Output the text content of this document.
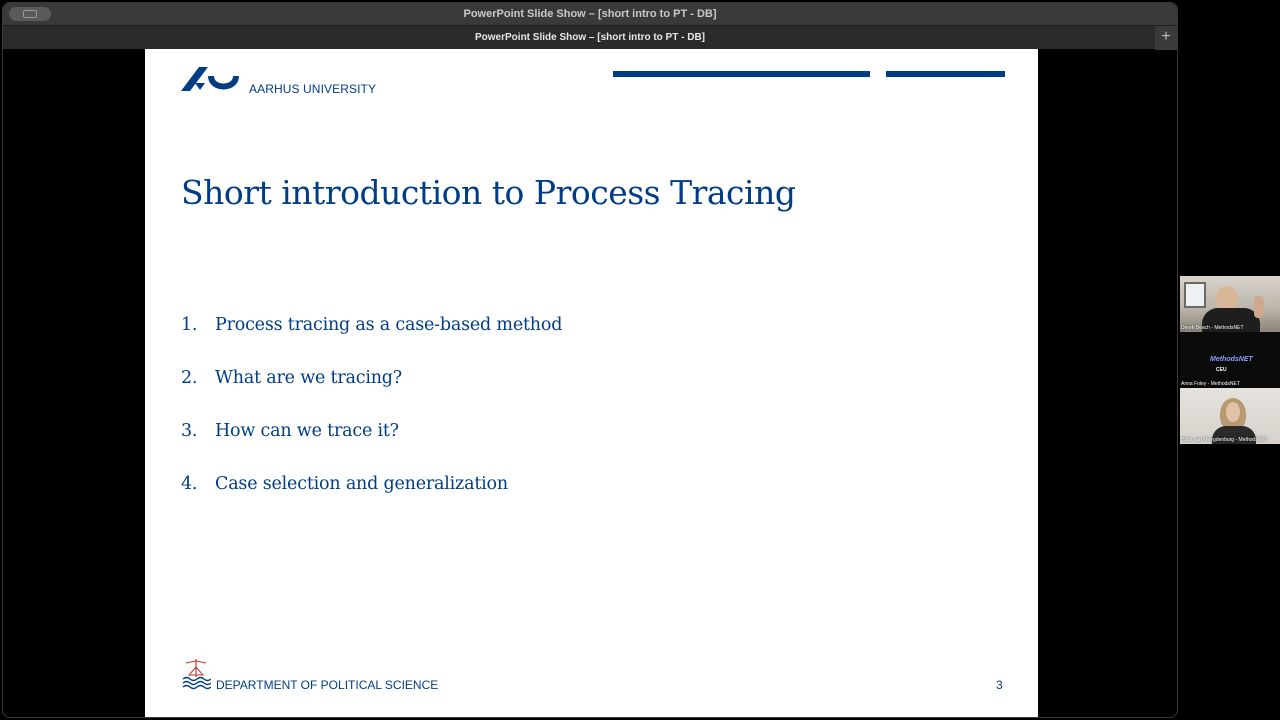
PowerPoint Slide Show – [short intro to PT - DB]
PowerPoint Slide Show – [short intro to PT - DB]	+
AARHUS UNIVERSITY
Short introduction to Process Tracing
1.	Process tracing as a case-based method
2.	What are we tracing?
3.	How can we trace it?
4.	Case selection and generalization
DEPARTMENT OF POLITICAL SCIENCE	3
Derek Beach - MethodsNET
MethodsNET
CEU
Anna Foley - MethodsNET
Hilde van Meegdenburg - MethodsNET
